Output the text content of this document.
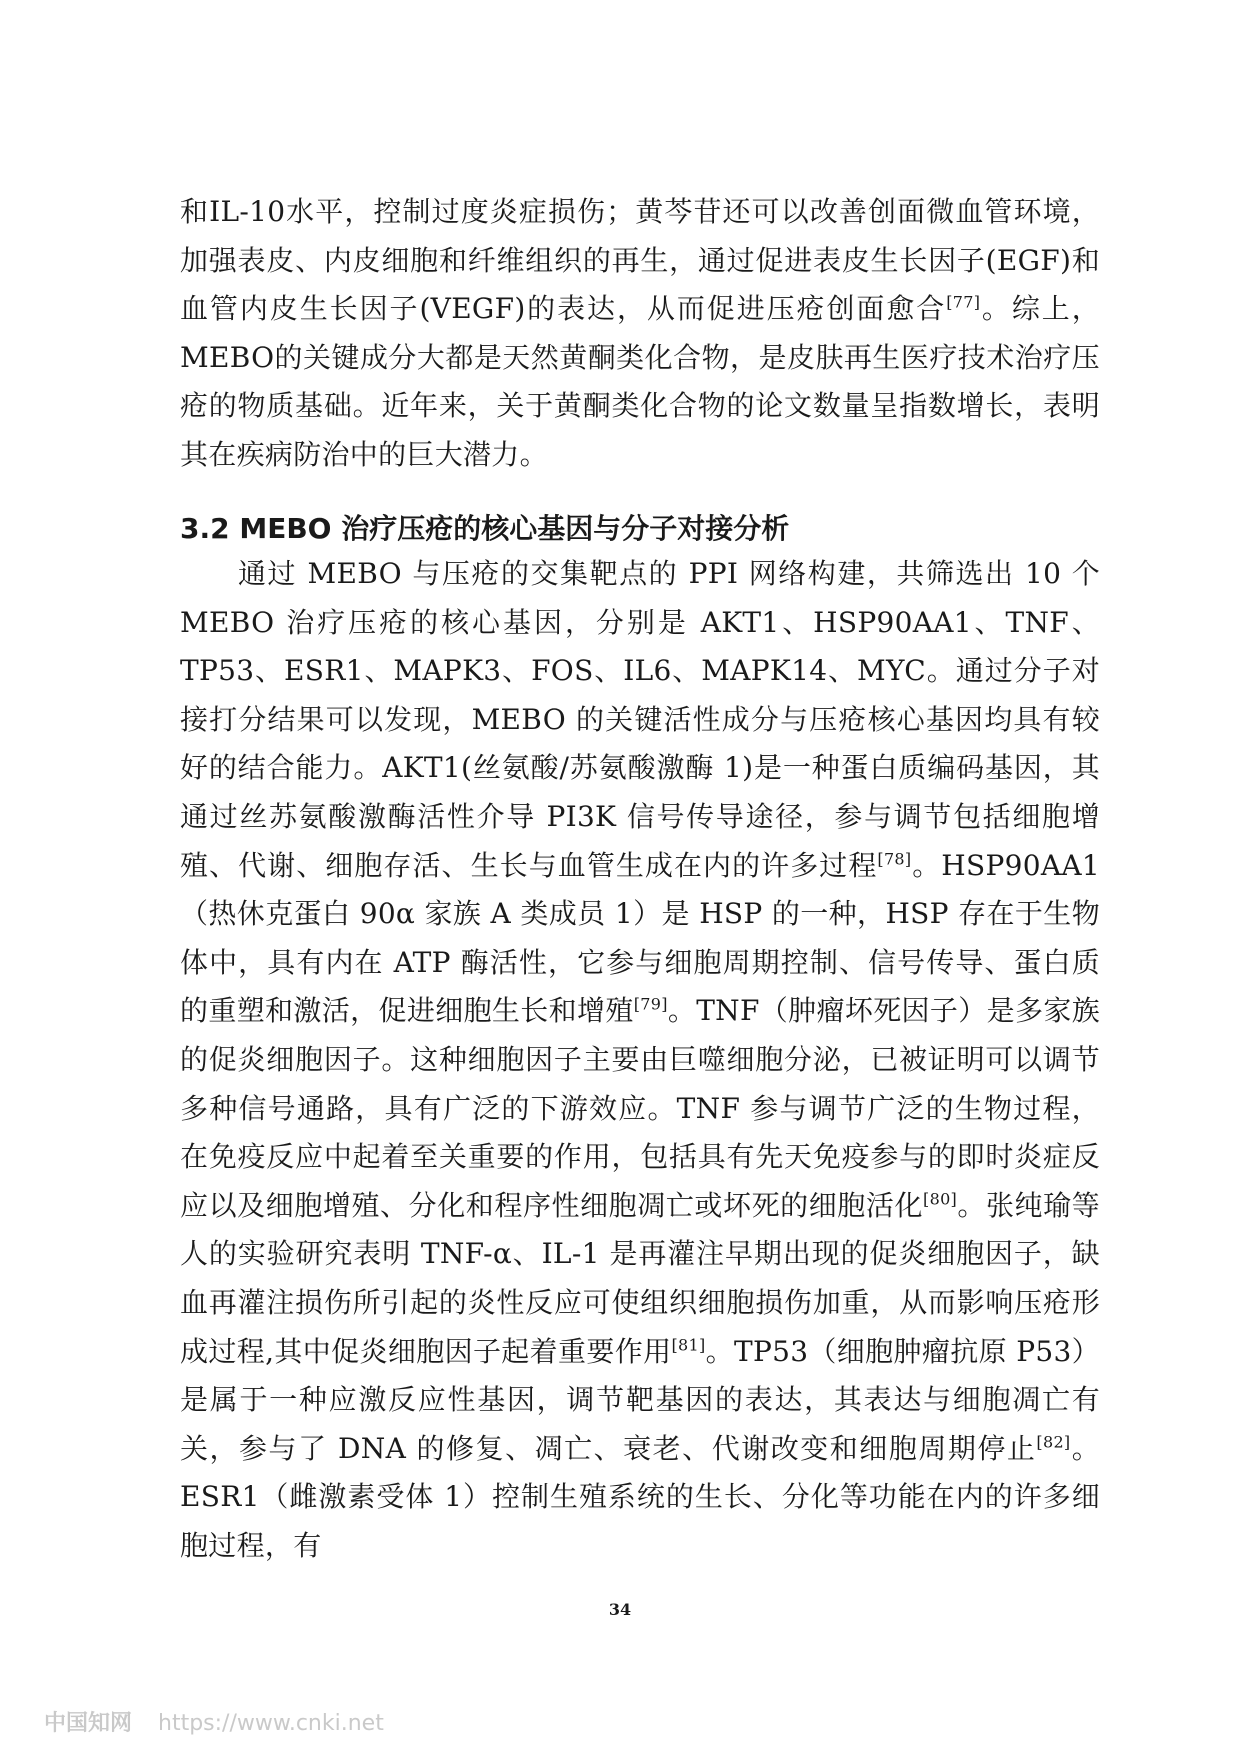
和IL-10水平，控制过度炎症损伤；黄芩苷还可以改善创面微血管环境，加强表皮、内皮细胞和纤维组织的再生，通过促进表皮生长因子(EGF)和血管内皮生长因子(VEGF)的表达，从而促进压疮创面愈合[77]。综上，MEBO的关键成分大都是天然黄酮类化合物，是皮肤再生医疗技术治疗压疮的物质基础。近年来，关于黄酮类化合物的论文数量呈指数增长，表明其在疾病防治中的巨大潜力。

3.2 MEBO 治疗压疮的核心基因与分子对接分析

通过 MEBO 与压疮的交集靶点的 PPI 网络构建，共筛选出 10 个 MEBO 治疗压疮的核心基因，分别是 AKT1、HSP90AA1、TNF、TP53、ESR1、MAPK3、FOS、IL6、MAPK14、MYC。通过分子对接打分结果可以发现，MEBO 的关键活性成分与压疮核心基因均具有较好的结合能力。AKT1(丝氨酸/苏氨酸激酶 1)是一种蛋白质编码基因，其通过丝苏氨酸激酶活性介导 PI3K 信号传导途径，参与调节包括细胞增殖、代谢、细胞存活、生长与血管生成在内的许多过程[78]。HSP90AA1（热休克蛋白 90α 家族 A 类成员 1）是 HSP 的一种，HSP 存在于生物体中，具有内在 ATP 酶活性，它参与细胞周期控制、信号传导、蛋白质的重塑和激活，促进细胞生长和增殖[79]。TNF（肿瘤坏死因子）是多家族的促炎细胞因子。这种细胞因子主要由巨噬细胞分泌，已被证明可以调节多种信号通路，具有广泛的下游效应。TNF 参与调节广泛的生物过程，在免疫反应中起着至关重要的作用，包括具有先天免疫参与的即时炎症反应以及细胞增殖、分化和程序性细胞凋亡或坏死的细胞活化[80]。张纯瑜等人的实验研究表明 TNF-α、IL-1 是再灌注早期出现的促炎细胞因子，缺血再灌注损伤所引起的炎性反应可使组织细胞损伤加重，从而影响压疮形成过程,其中促炎细胞因子起着重要作用[81]。TP53（细胞肿瘤抗原 P53）是属于一种应激反应性基因，调节靶基因的表达，其表达与细胞凋亡有关，参与了 DNA 的修复、凋亡、衰老、代谢改变和细胞周期停止[82]。ESR1（雌激素受体 1）控制生殖系统的生长、分化等功能在内的许多细胞过程，有

34
中国知网 https://www.cnki.net
